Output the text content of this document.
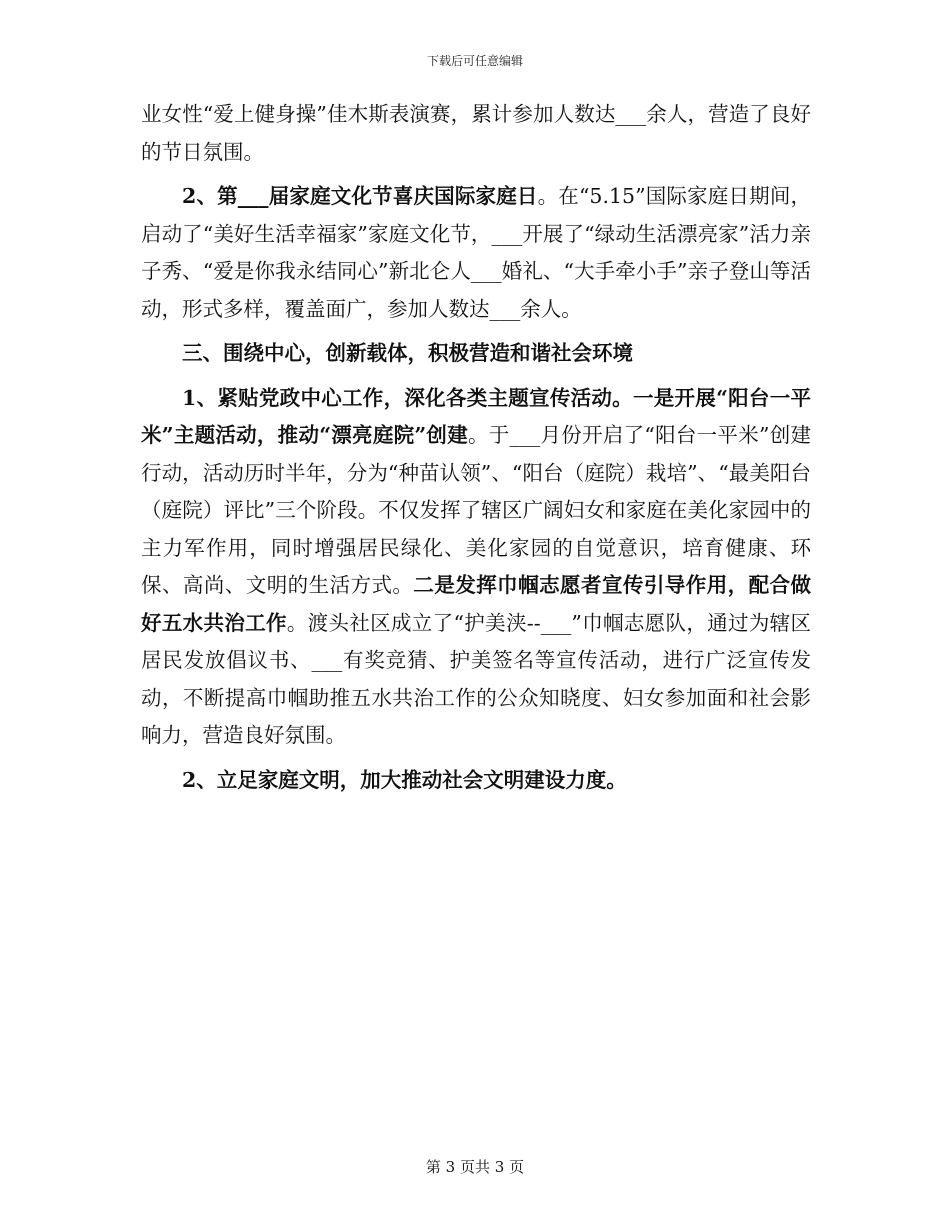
下载后可任意编辑

业女性“爱上健身操”佳木斯表演赛，累计参加人数达___余人，营造了良好的节日氛围。

2、第___届家庭文化节喜庆国际家庭日。在“5.15”国际家庭日期间，启动了“美好生活幸福家”家庭文化节，___开展了“绿动生活漂亮家”活力亲子秀、“爱是你我永结同心”新北仑人___婚礼、“大手牵小手”亲子登山等活动，形式多样，覆盖面广，参加人数达___余人。

三、围绕中心，创新载体，积极营造和谐社会环境

1、紧贴党政中心工作，深化各类主题宣传活动。一是开展“阳台一平米”主题活动，推动“漂亮庭院”创建。于___月份开启了“阳台一平米”创建行动，活动历时半年，分为“种苗认领”、“阳台（庭院）栽培”、“最美阳台（庭院）评比”三个阶段。不仅发挥了辖区广阔妇女和家庭在美化家园中的主力军作用，同时增强居民绿化、美化家园的自觉意识，培育健康、环保、高尚、文明的生活方式。二是发挥巾帼志愿者宣传引导作用，配合做好五水共治工作。渡头社区成立了“护美浃--___”巾帼志愿队，通过为辖区居民发放倡议书、___有奖竞猜、护美签名等宣传活动，进行广泛宣传发动，不断提高巾帼助推五水共治工作的公众知晓度、妇女参加面和社会影响力，营造良好氛围。

2、立足家庭文明，加大推动社会文明建设力度。

第 3 页共 3 页
